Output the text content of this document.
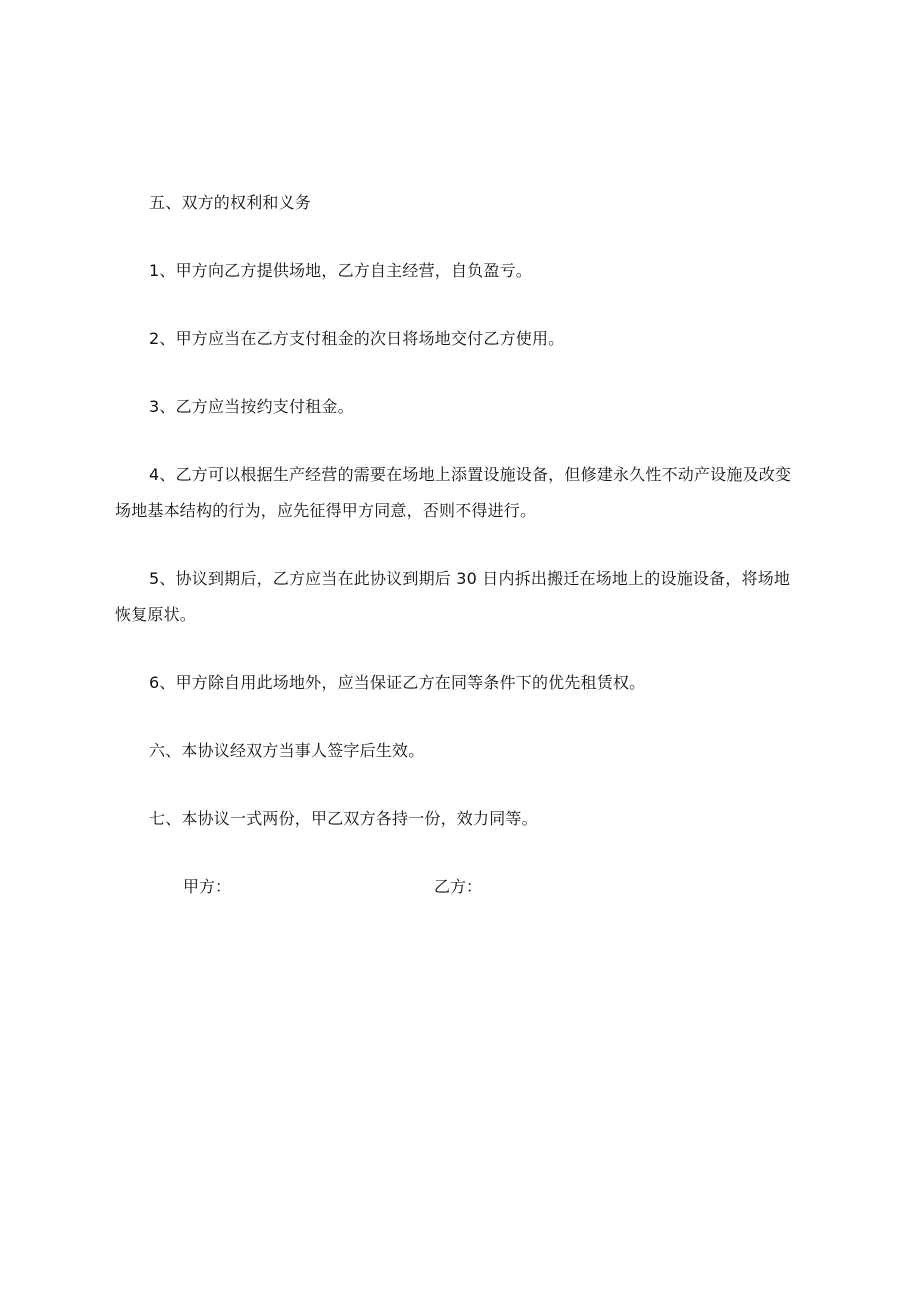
五、双方的权利和义务

1、甲方向乙方提供场地，乙方自主经营，自负盈亏。

2、甲方应当在乙方支付租金的次日将场地交付乙方使用。

3、乙方应当按约支付租金。

4、乙方可以根据生产经营的需要在场地上添置设施设备，但修建永久性不动产设施及改变场地基本结构的行为，应先征得甲方同意，否则不得进行。

5、协议到期后，乙方应当在此协议到期后 30 日内拆出搬迁在场地上的设施设备，将场地恢复原状。

6、甲方除自用此场地外，应当保证乙方在同等条件下的优先租赁权。

六、本协议经双方当事人签字后生效。

七、本协议一式两份，甲乙双方各持一份，效力同等。

甲方：	乙方：
